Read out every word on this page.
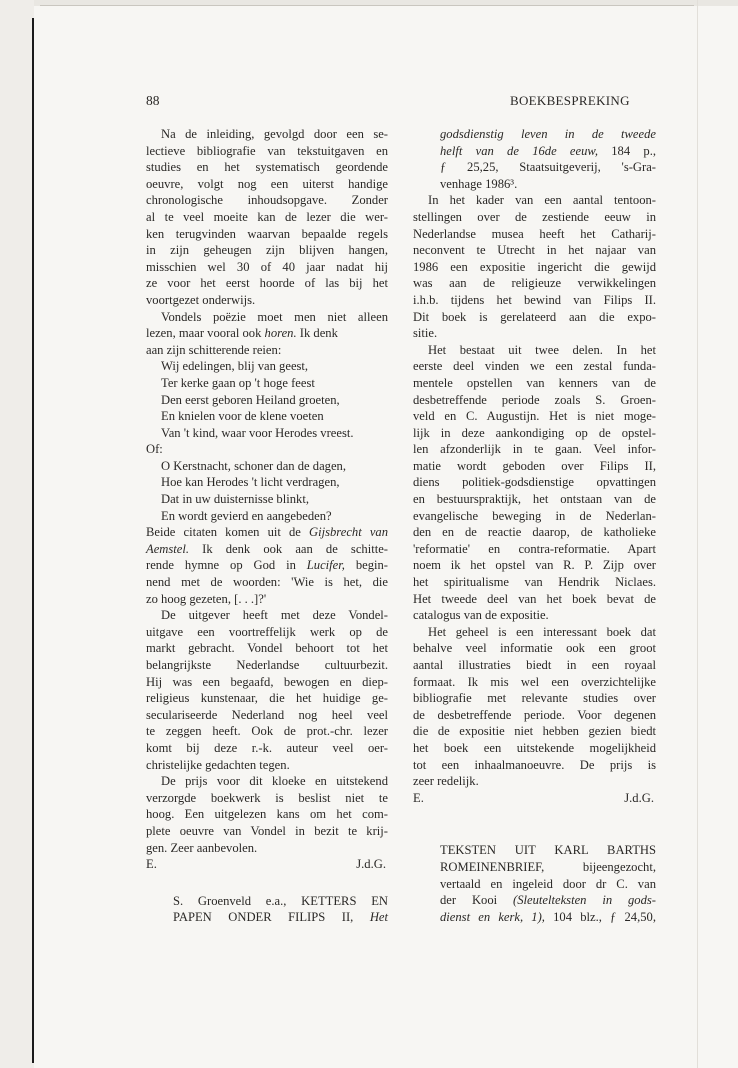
88	BOEKBESPREKING

Na de inleiding, gevolgd door een se-

lectieve bibliografie van tekstuitgaven en

studies en het systematisch geordende

oeuvre, volgt nog een uiterst handige

chronologische inhoudsopgave. Zonder

al te veel moeite kan de lezer die wer-

ken terugvinden waarvan bepaalde regels

in zijn geheugen zijn blijven hangen,

misschien wel 30 of 40 jaar nadat hij

ze voor het eerst hoorde of las bij het

voortgezet onderwijs.

Vondels poëzie moet men niet alleen

lezen, maar vooral ook horen. Ik denk

aan zijn schitterende reien:

Wij edelingen, blij van geest,

Ter kerke gaan op 't hoge feest

Den eerst geboren Heiland groeten,

En knielen voor de klene voeten

Van 't kind, waar voor Herodes vreest.

Of:

O Kerstnacht, schoner dan de dagen,

Hoe kan Herodes 't licht verdragen,

Dat in uw duisternisse blinkt,

En wordt gevierd en aangebeden?

Beide citaten komen uit de Gijsbrecht van

Aemstel. Ik denk ook aan de schitte-

rende hymne op God in Lucifer, begin-

nend met de woorden: 'Wie is het, die

zo hoog gezeten, [. . .]?'

De uitgever heeft met deze Vondel-

uitgave een voortreffelijk werk op de

markt gebracht. Vondel behoort tot het

belangrijkste Nederlandse cultuurbezit.

Hij was een begaafd, bewogen en diep-

religieus kunstenaar, die het huidige ge-

seculariseerde Nederland nog heel veel

te zeggen heeft. Ook de prot.-chr. lezer

komt bij deze r.-k. auteur veel oer-

christelijke gedachten tegen.

De prijs voor dit kloeke en uitstekend

verzorgde boekwerk is beslist niet te

hoog. Een uitgelezen kans om het com-

plete oeuvre van Vondel in bezit te krij-

gen. Zeer aanbevolen.

E.	J.d.G.

S. Groenveld e.a., KETTERS EN

PAPEN ONDER FILIPS II, Het

godsdienstig leven in de tweede

helft van de 16de eeuw, 184 p.,

ƒ 25,25, Staatsuitgeverij, 's-Gra-

venhage 1986³.

In het kader van een aantal tentoon-

stellingen over de zestiende eeuw in

Nederlandse musea heeft het Catharij-

neconvent te Utrecht in het najaar van

1986 een expositie ingericht die gewijd

was aan de religieuze verwikkelingen

i.h.b. tijdens het bewind van Filips II.

Dit boek is gerelateerd aan die expo-

sitie.

Het bestaat uit twee delen. In het

eerste deel vinden we een zestal funda-

mentele opstellen van kenners van de

desbetreffende periode zoals S. Groen-

veld en C. Augustijn. Het is niet moge-

lijk in deze aankondiging op de opstel-

len afzonderlijk in te gaan. Veel infor-

matie wordt geboden over Filips II,

diens politiek-godsdienstige opvattingen

en bestuurspraktijk, het ontstaan van de

evangelische beweging in de Nederlan-

den en de reactie daarop, de katholieke

'reformatie' en contra-reformatie. Apart

noem ik het opstel van R. P. Zijp over

het spiritualisme van Hendrik Niclaes.

Het tweede deel van het boek bevat de

catalogus van de expositie.

Het geheel is een interessant boek dat

behalve veel informatie ook een groot

aantal illustraties biedt in een royaal

formaat. Ik mis wel een overzichtelijke

bibliografie met relevante studies over

de desbetreffende periode. Voor degenen

die de expositie niet hebben gezien biedt

het boek een uitstekende mogelijkheid

tot een inhaalmanoeuvre. De prijs is

zeer redelijk.

E.	J.d.G.

TEKSTEN UIT KARL BARTHS

ROMEINENBRIEF, bijeengezocht,

vertaald en ingeleid door dr C. van

der Kooi (Sleutelteksten in gods-

dienst en kerk, 1), 104 blz., ƒ 24,50,
